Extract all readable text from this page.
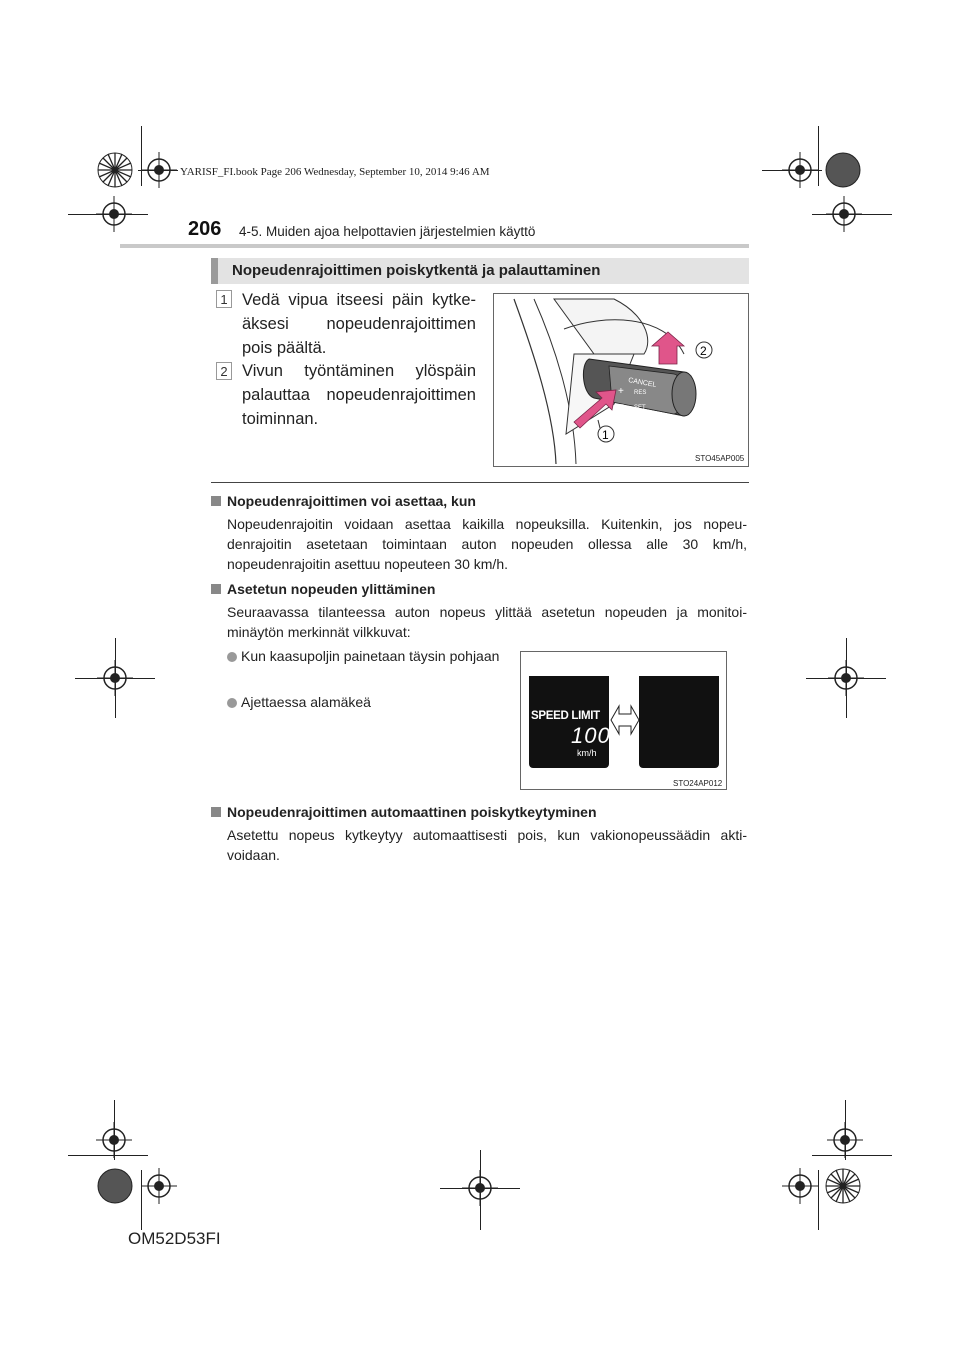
YARISF_FI.book Page 206 Wednesday, September 10, 2014 9:46 AM
206 4-5. Muiden ajoa helpottavien järjestelmien käyttö
Nopeudenrajoittimen poiskytkentä ja palauttaminen
1 Vedä vipua itseesi päin kytkeäksesi nopeudenrajoittimen pois päältä.
2 Vivun työntäminen ylöspäin palauttaa nopeudenrajoittimen toiminnan.
CANCEL
+ RES
− SET
1
2
STO45AP005
Nopeudenrajoittimen voi asettaa, kun
Nopeudenrajoitin voidaan asettaa kaikilla nopeuksilla. Kuitenkin, jos nopeudenrajoitin asetetaan toimintaan auton nopeuden ollessa alle 30 km/h, nopeudenrajoitin asettuu nopeuteen 30 km/h.
Asetetun nopeuden ylittäminen
Seuraavassa tilanteessa auton nopeus ylittää asetetun nopeuden ja monitoiminäytön merkinnät vilkkuvat:
Kun kaasupoljin painetaan täysin pohjaan
Ajettaessa alamäkeä
SPEED LIMIT
100
km/h
STO24AP012
Nopeudenrajoittimen automaattinen poiskytkeytyminen
Asetettu nopeus kytkeytyy automaattisesti pois, kun vakionopeussäädin aktivoidaan.
OM52D53FI
